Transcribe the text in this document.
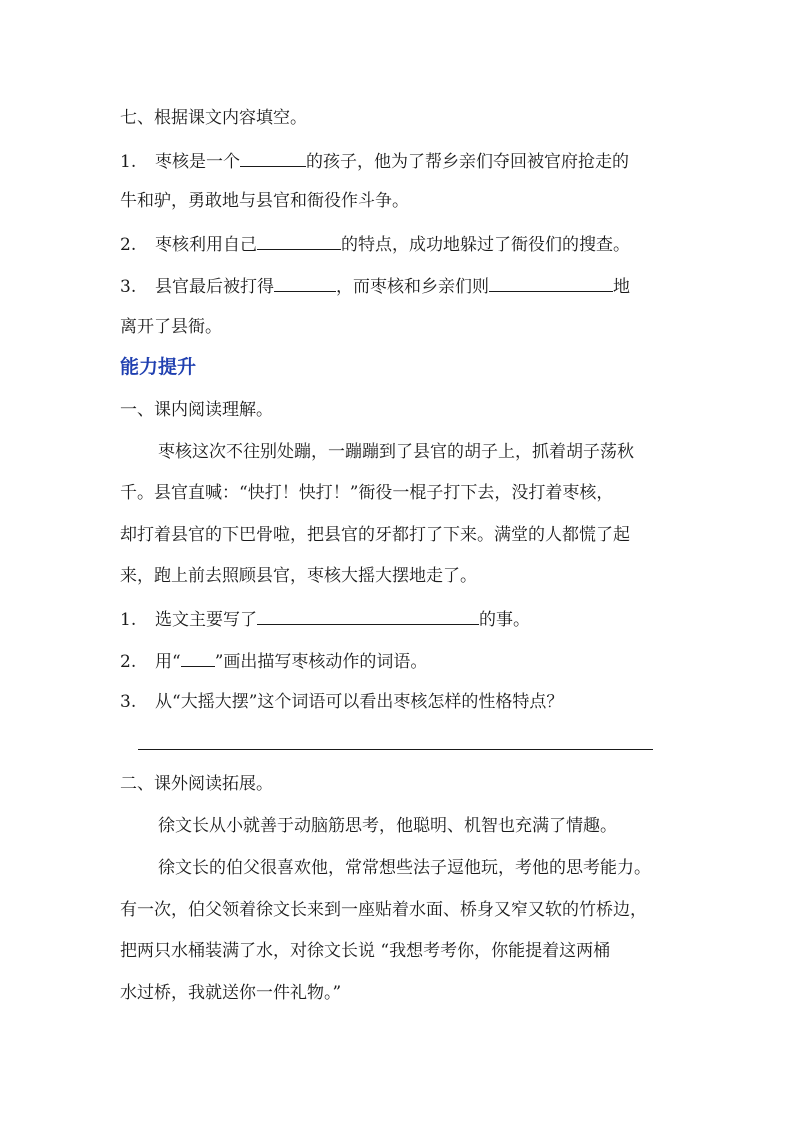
七、根据课文内容填空。
1. 枣核是一个	的孩子，他为了帮乡亲们夺回被官府抢走的
牛和驴，勇敢地与县官和衙役作斗争。
2. 枣核利用自己	的特点，成功地躲过了衙役们的搜查。
3. 县官最后被打得	，而枣核和乡亲们则	地
离开了县衙。
能力提升
一、课内阅读理解。
枣核这次不往别处蹦，一蹦蹦到了县官的胡子上，抓着胡子荡秋
千。县官直喊：“快打！快打！”衙役一棍子打下去，没打着枣核，
却打着县官的下巴骨啦，把县官的牙都打了下来。满堂的人都慌了起
来，跑上前去照顾县官，枣核大摇大摆地走了。
1. 选文主要写了	的事。
2. 用“ ”画出描写枣核动作的词语。
3. 从“大摇大摆”这个词语可以看出枣核怎样的性格特点？
二、课外阅读拓展。
徐文长从小就善于动脑筋思考，他聪明、机智也充满了情趣。
徐文长的伯父很喜欢他，常常想些法子逗他玩，考他的思考能力。
有一次，伯父领着徐文长来到一座贴着水面、桥身又窄又软的竹桥边，
把两只水桶装满了水，对徐文长说 “我想考考你，你能提着这两桶
水过桥，我就送你一件礼物。”
